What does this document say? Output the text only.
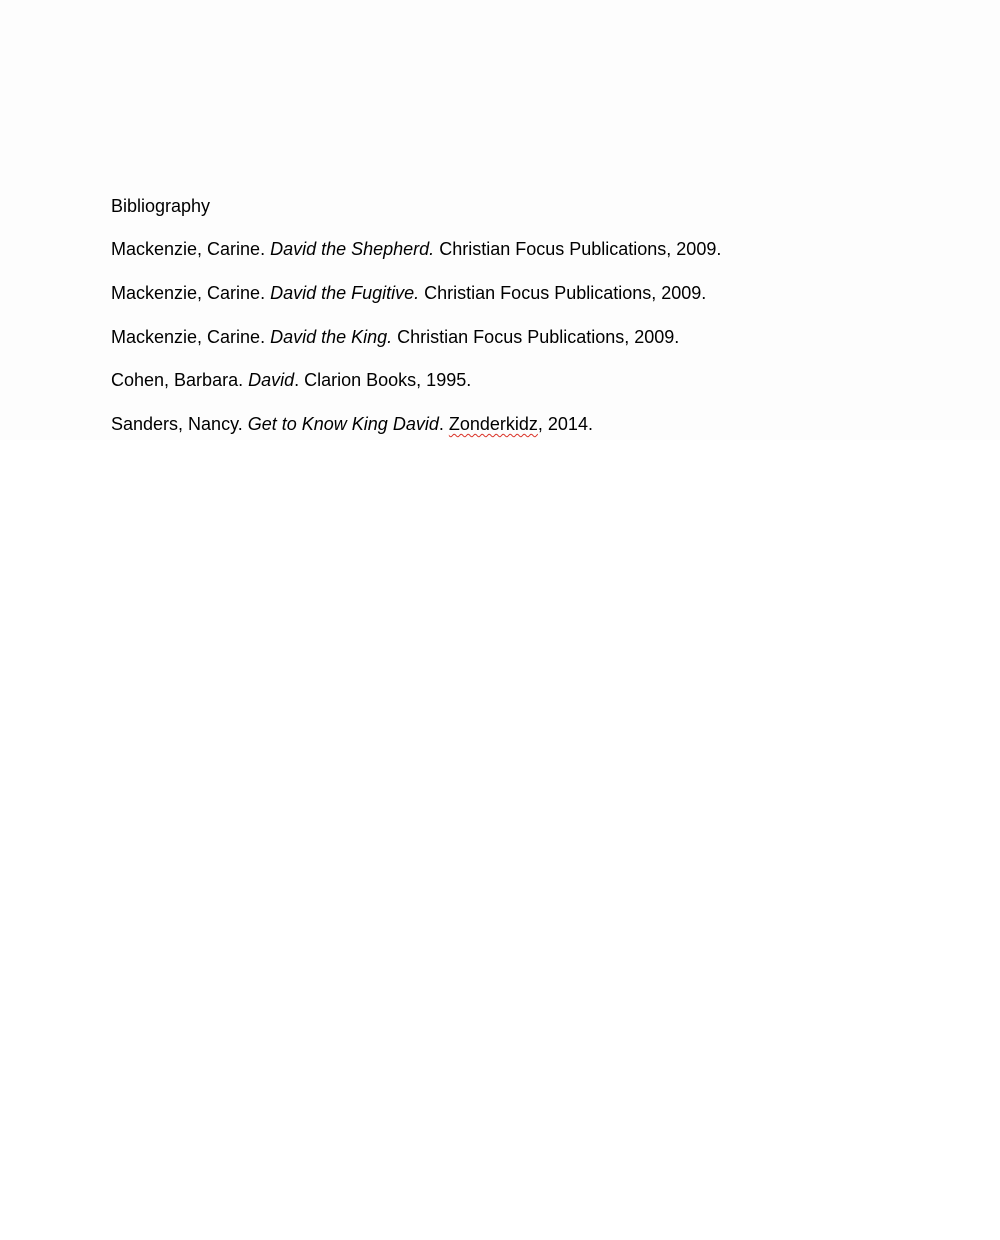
Bibliography
Mackenzie, Carine. David the Shepherd. Christian Focus Publications, 2009.
Mackenzie, Carine. David the Fugitive. Christian Focus Publications, 2009.
Mackenzie, Carine. David the King. Christian Focus Publications, 2009.
Cohen, Barbara. David. Clarion Books, 1995.
Sanders, Nancy. Get to Know King David. Zonderkidz, 2014.
